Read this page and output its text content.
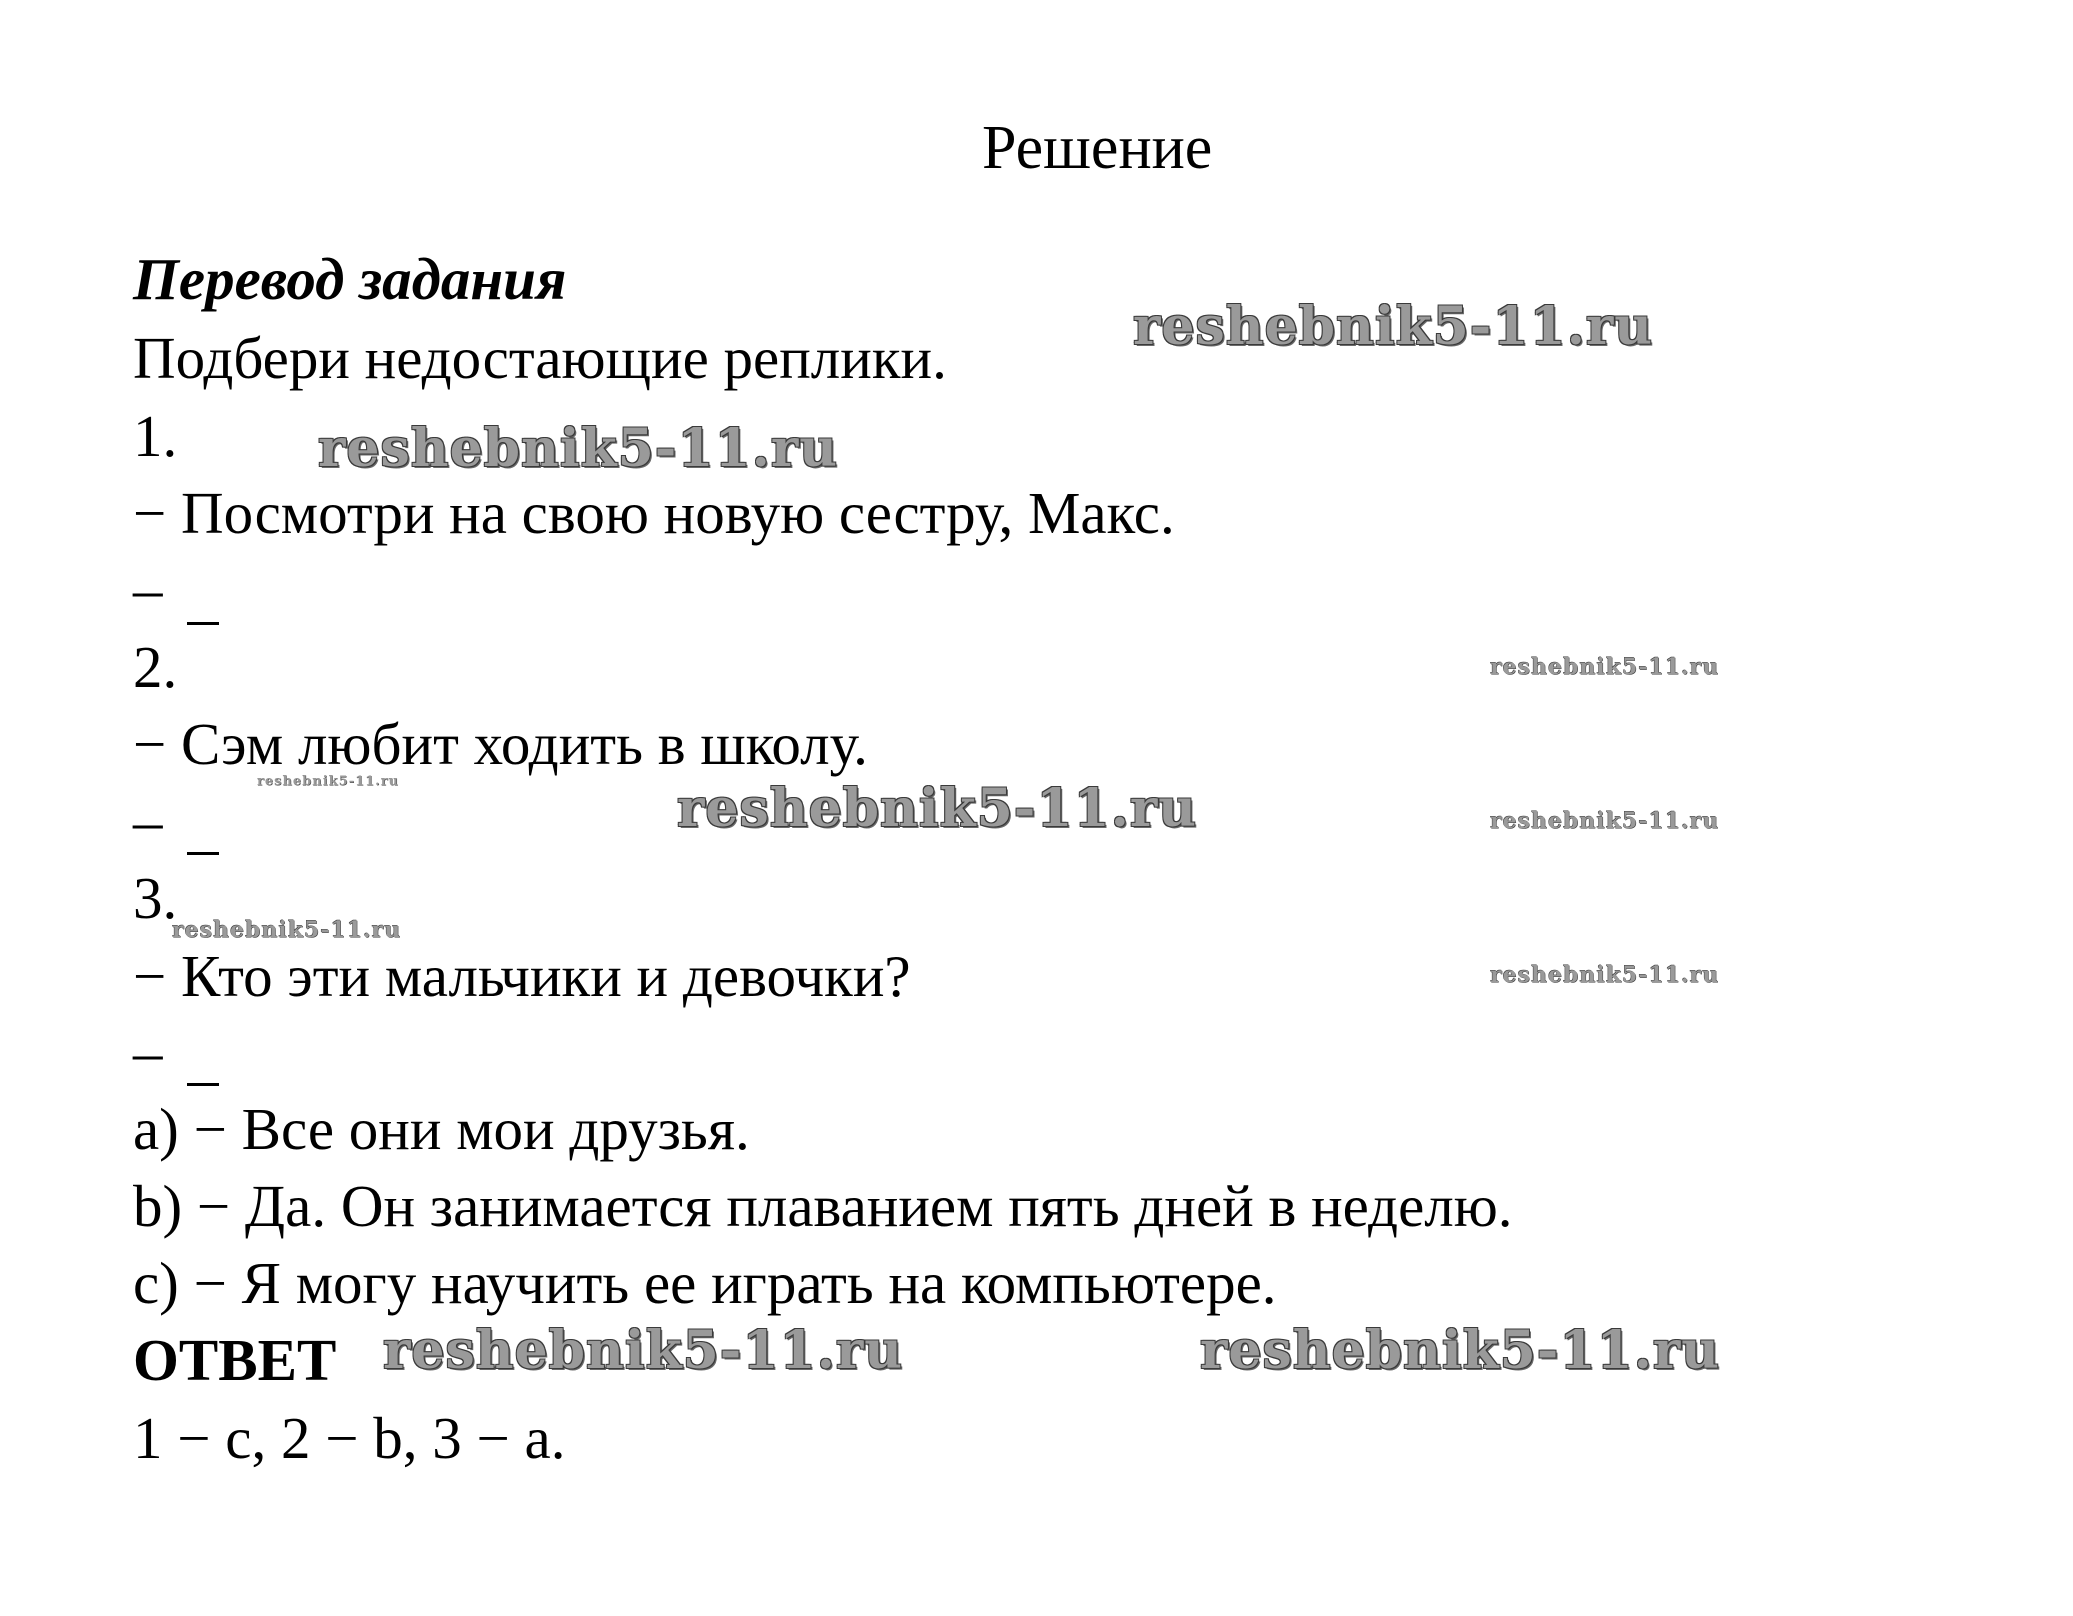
Решение
Перевод задания
Подбери недостающие реплики.
1.
− Посмотри на свою новую сестру, Макс.
–
2.
− Сэм любит ходить в школу.
–
3.
− Кто эти мальчики и девочки?
–
a) − Все они мои друзья.
b) − Да. Он занимается плаванием пять дней в неделю.
c) − Я могу научить ее играть на компьютере.
ОТВЕТ
1 − c, 2 − b, 3 − a.
reshebnik5-11.ru
reshebnik5-11.ru
reshebnik5-11.ru
reshebnik5-11.ru	reshebnik5-11.ru	reshebnik5-11.ru
reshebnik5-11.ru
reshebnik5-11.ru
reshebnik5-11.ru	reshebnik5-11.ru
